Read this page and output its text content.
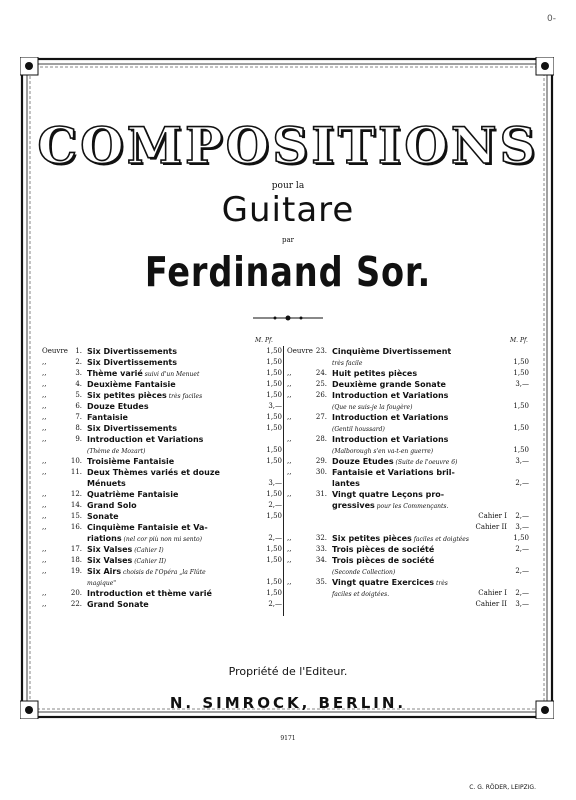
0-
COMPOSITIONS
pour la
Guitare
par
Ferdinand Sor.
M. Pf.	M. Pf.
Oeuvre	1. Six Divertissements	1,50
,,	2. Six Divertissements	1,50
,,	3. Thème varié suivi d'un Menuet	1,50
,,	4. Deuxième Fantaisie	1,50
,,	5. Six petites pièces très faciles	1,50
,,	6. Douze Etudes	3,—
,,	7. Fantaisie	1,50
,,	8. Six Divertissements	1,50
,,	9. Introduction et Variations
(Thème de Mozart)	1,50
,,	10. Troisième Fantaisie	1,50
,,	11. Deux Thèmes variés et douze
Ménuets	3,—
,,	12. Quatrième Fantaisie	1,50
,,	14. Grand Solo	2,—
,,	15. Sonate	1,50
,,	16. Cinquième Fantaisie et Va-
riations (nel cor più non mi sento)	2,—
,,	17. Six Valses (Cahier I)	1,50
,,	18. Six Valses (Cahier II)	1,50
,,	19. Six Airs choisis de l'Opéra „la Flûte
magique"	1,50
,,	20. Introduction et thème varié	1,50
,,	22. Grand Sonate	2,—
Oeuvre 23. Cinquième Divertissement
très facile	1,50
,,	24. Huit petites pièces	1,50
,,	25. Deuxième grande Sonate	3,—
,,	26. Introduction et Variations
(Que ne suis-je la fougère)	1,50
,,	27. Introduction et Variations
(Gentil houssard)	1,50
,,	28. Introduction et Variations
(Malborough s'en va-t-en guerre)	1,50
,,	29. Douze Etudes (Suite de l'oeuvre 6)	3,—
,,	30. Fantaisie et Variations bril-
lantes	2,—
,,	31. Vingt quatre Leçons pro-
gressives pour les Commençants.
Cahier I 2,—
Cahier II 3,—
,,	32. Six petites pièces faciles et doigtées	1,50
,,	33. Trois pièces de société	2,—
,,	34. Trois pièces de société
(Seconde Collection)	2,—
,,	35. Vingt quatre Exercices très
faciles et doigtées.	Cahier I 2,—
Cahier II 3,—
Propriété de l'Editeur.
N. SIMROCK, BERLIN.
9171
C. G. RÖDER, LEIPZIG.
